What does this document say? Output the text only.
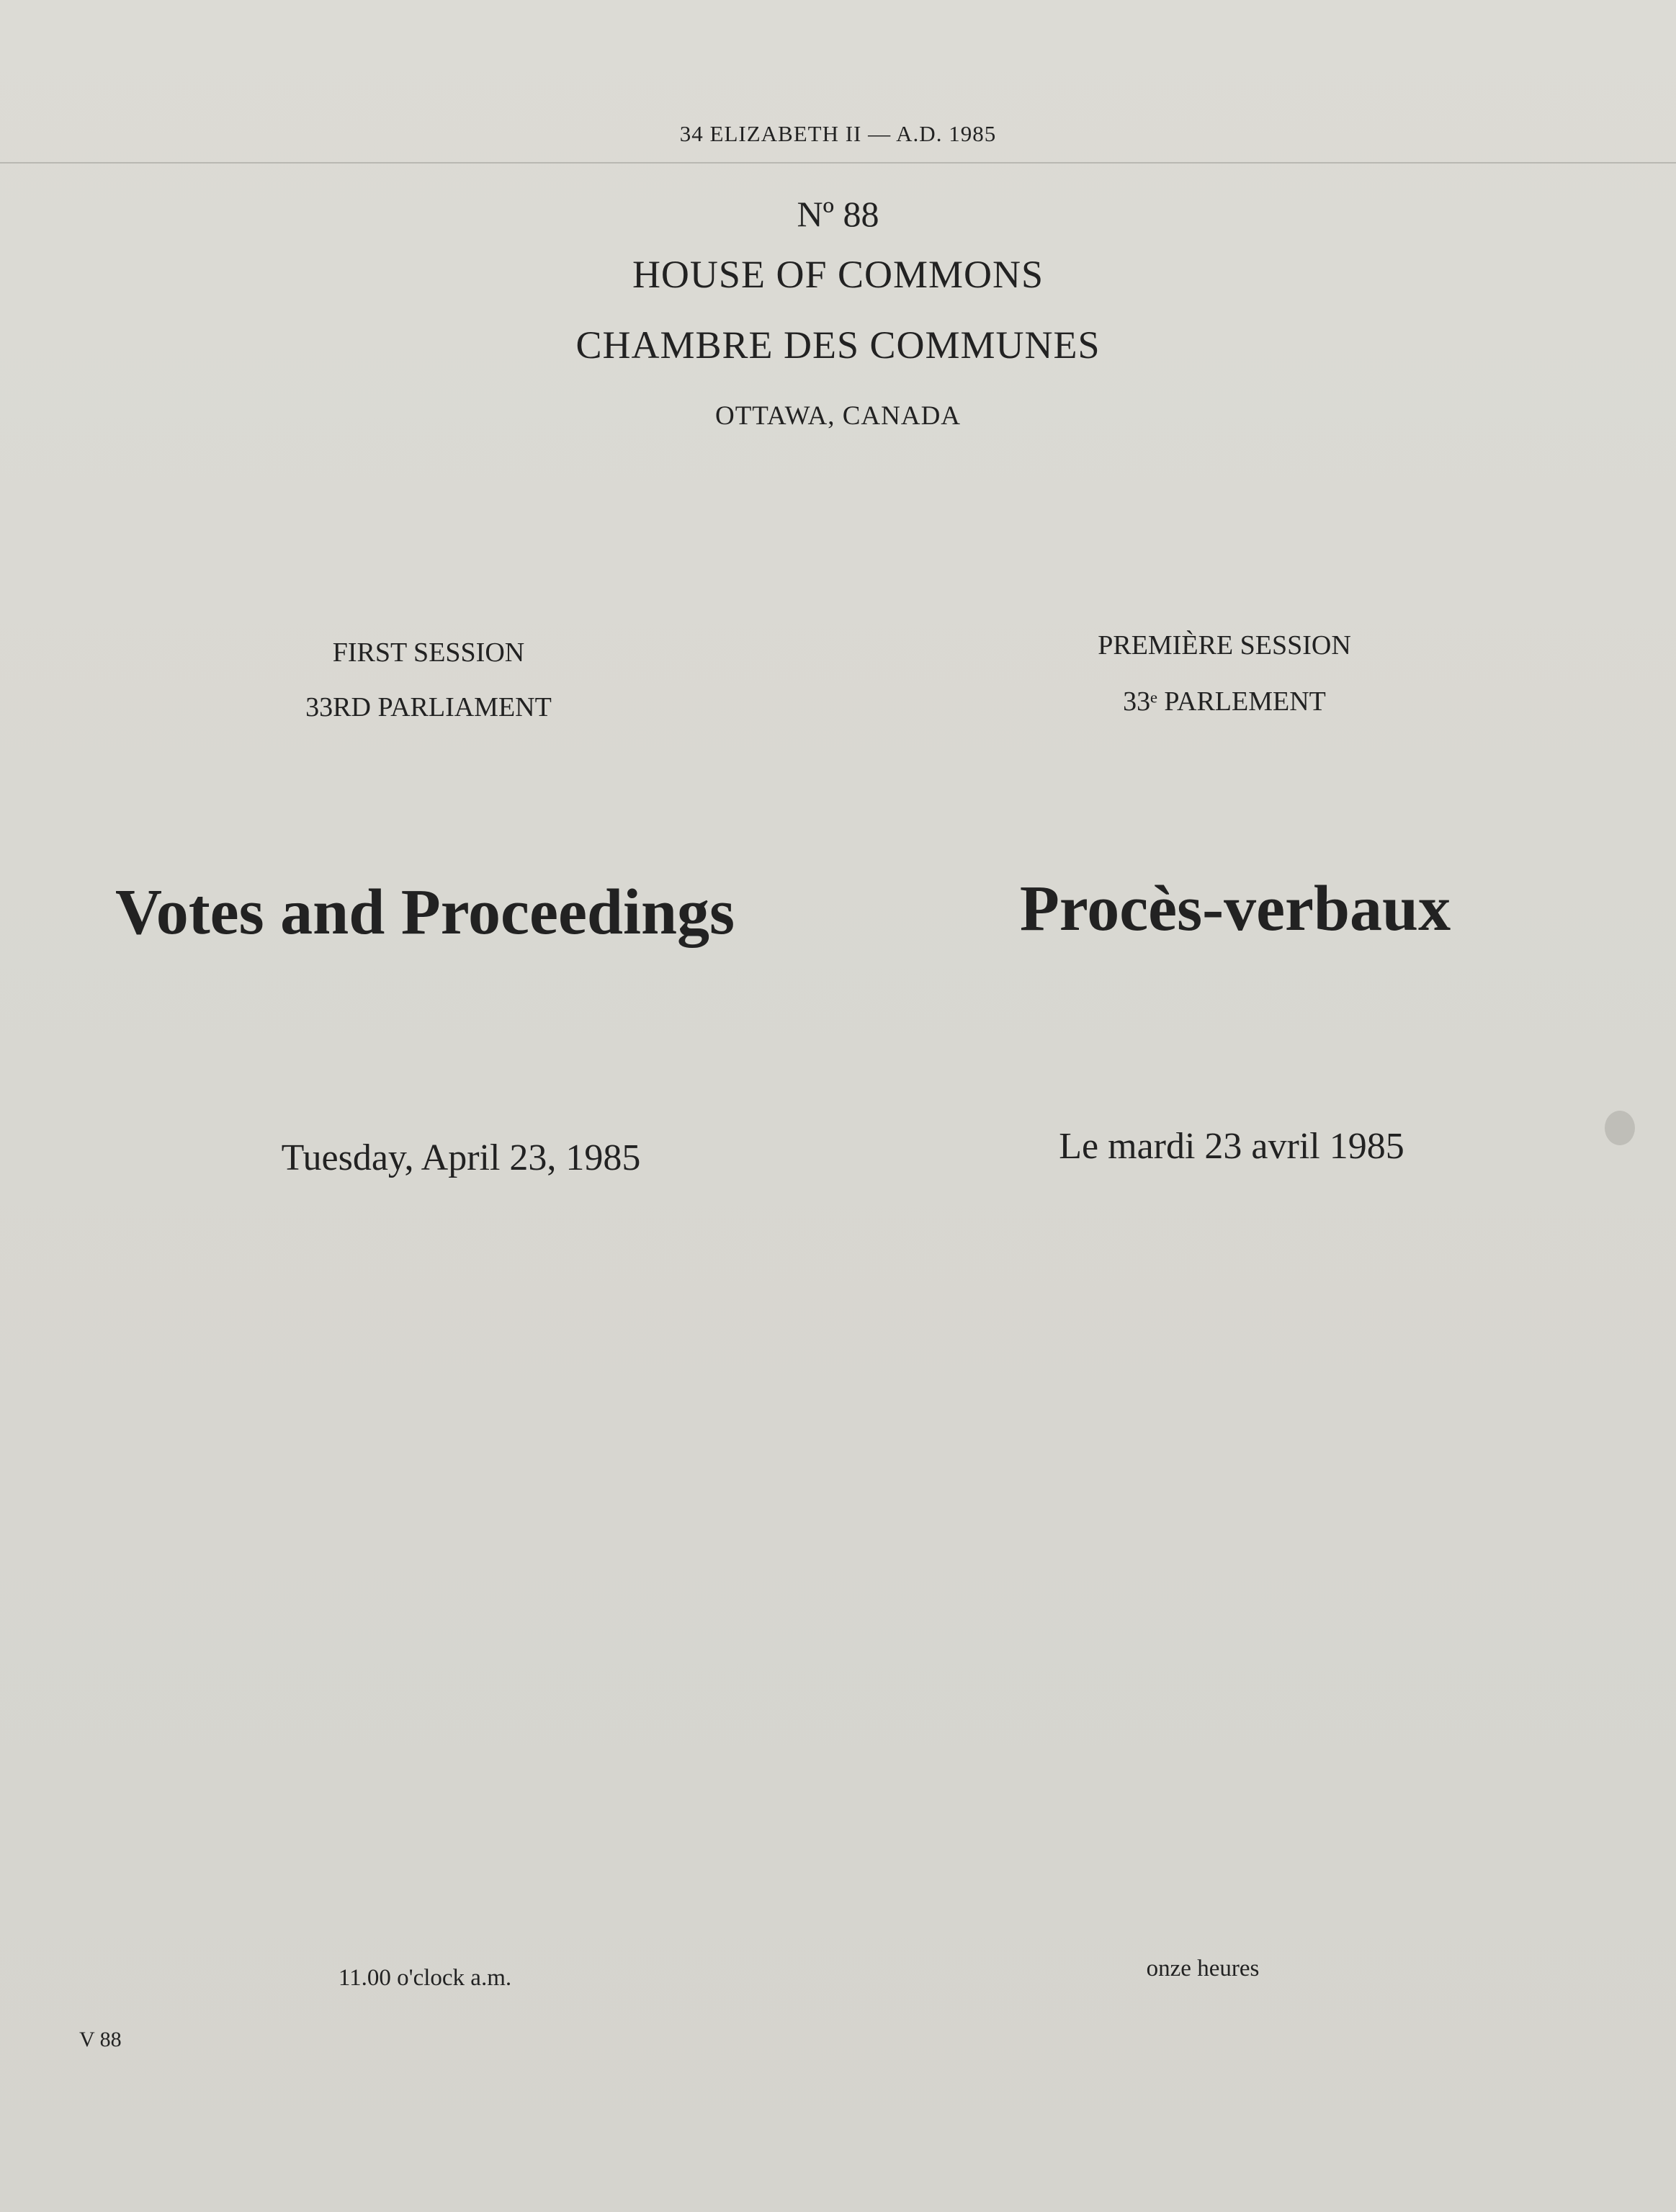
34 ELIZABETH II — A.D. 1985
Nº 88
HOUSE OF COMMONS
CHAMBRE DES COMMUNES
OTTAWA, CANADA
FIRST SESSION
33RD PARLIAMENT
PREMIÈRE SESSION
33ᵉ PARLEMENT
Votes and Proceedings	Procès-verbaux
Tuesday, April 23, 1985	Le mardi 23 avril 1985
11.00 o'clock a.m.	onze heures
V 88
